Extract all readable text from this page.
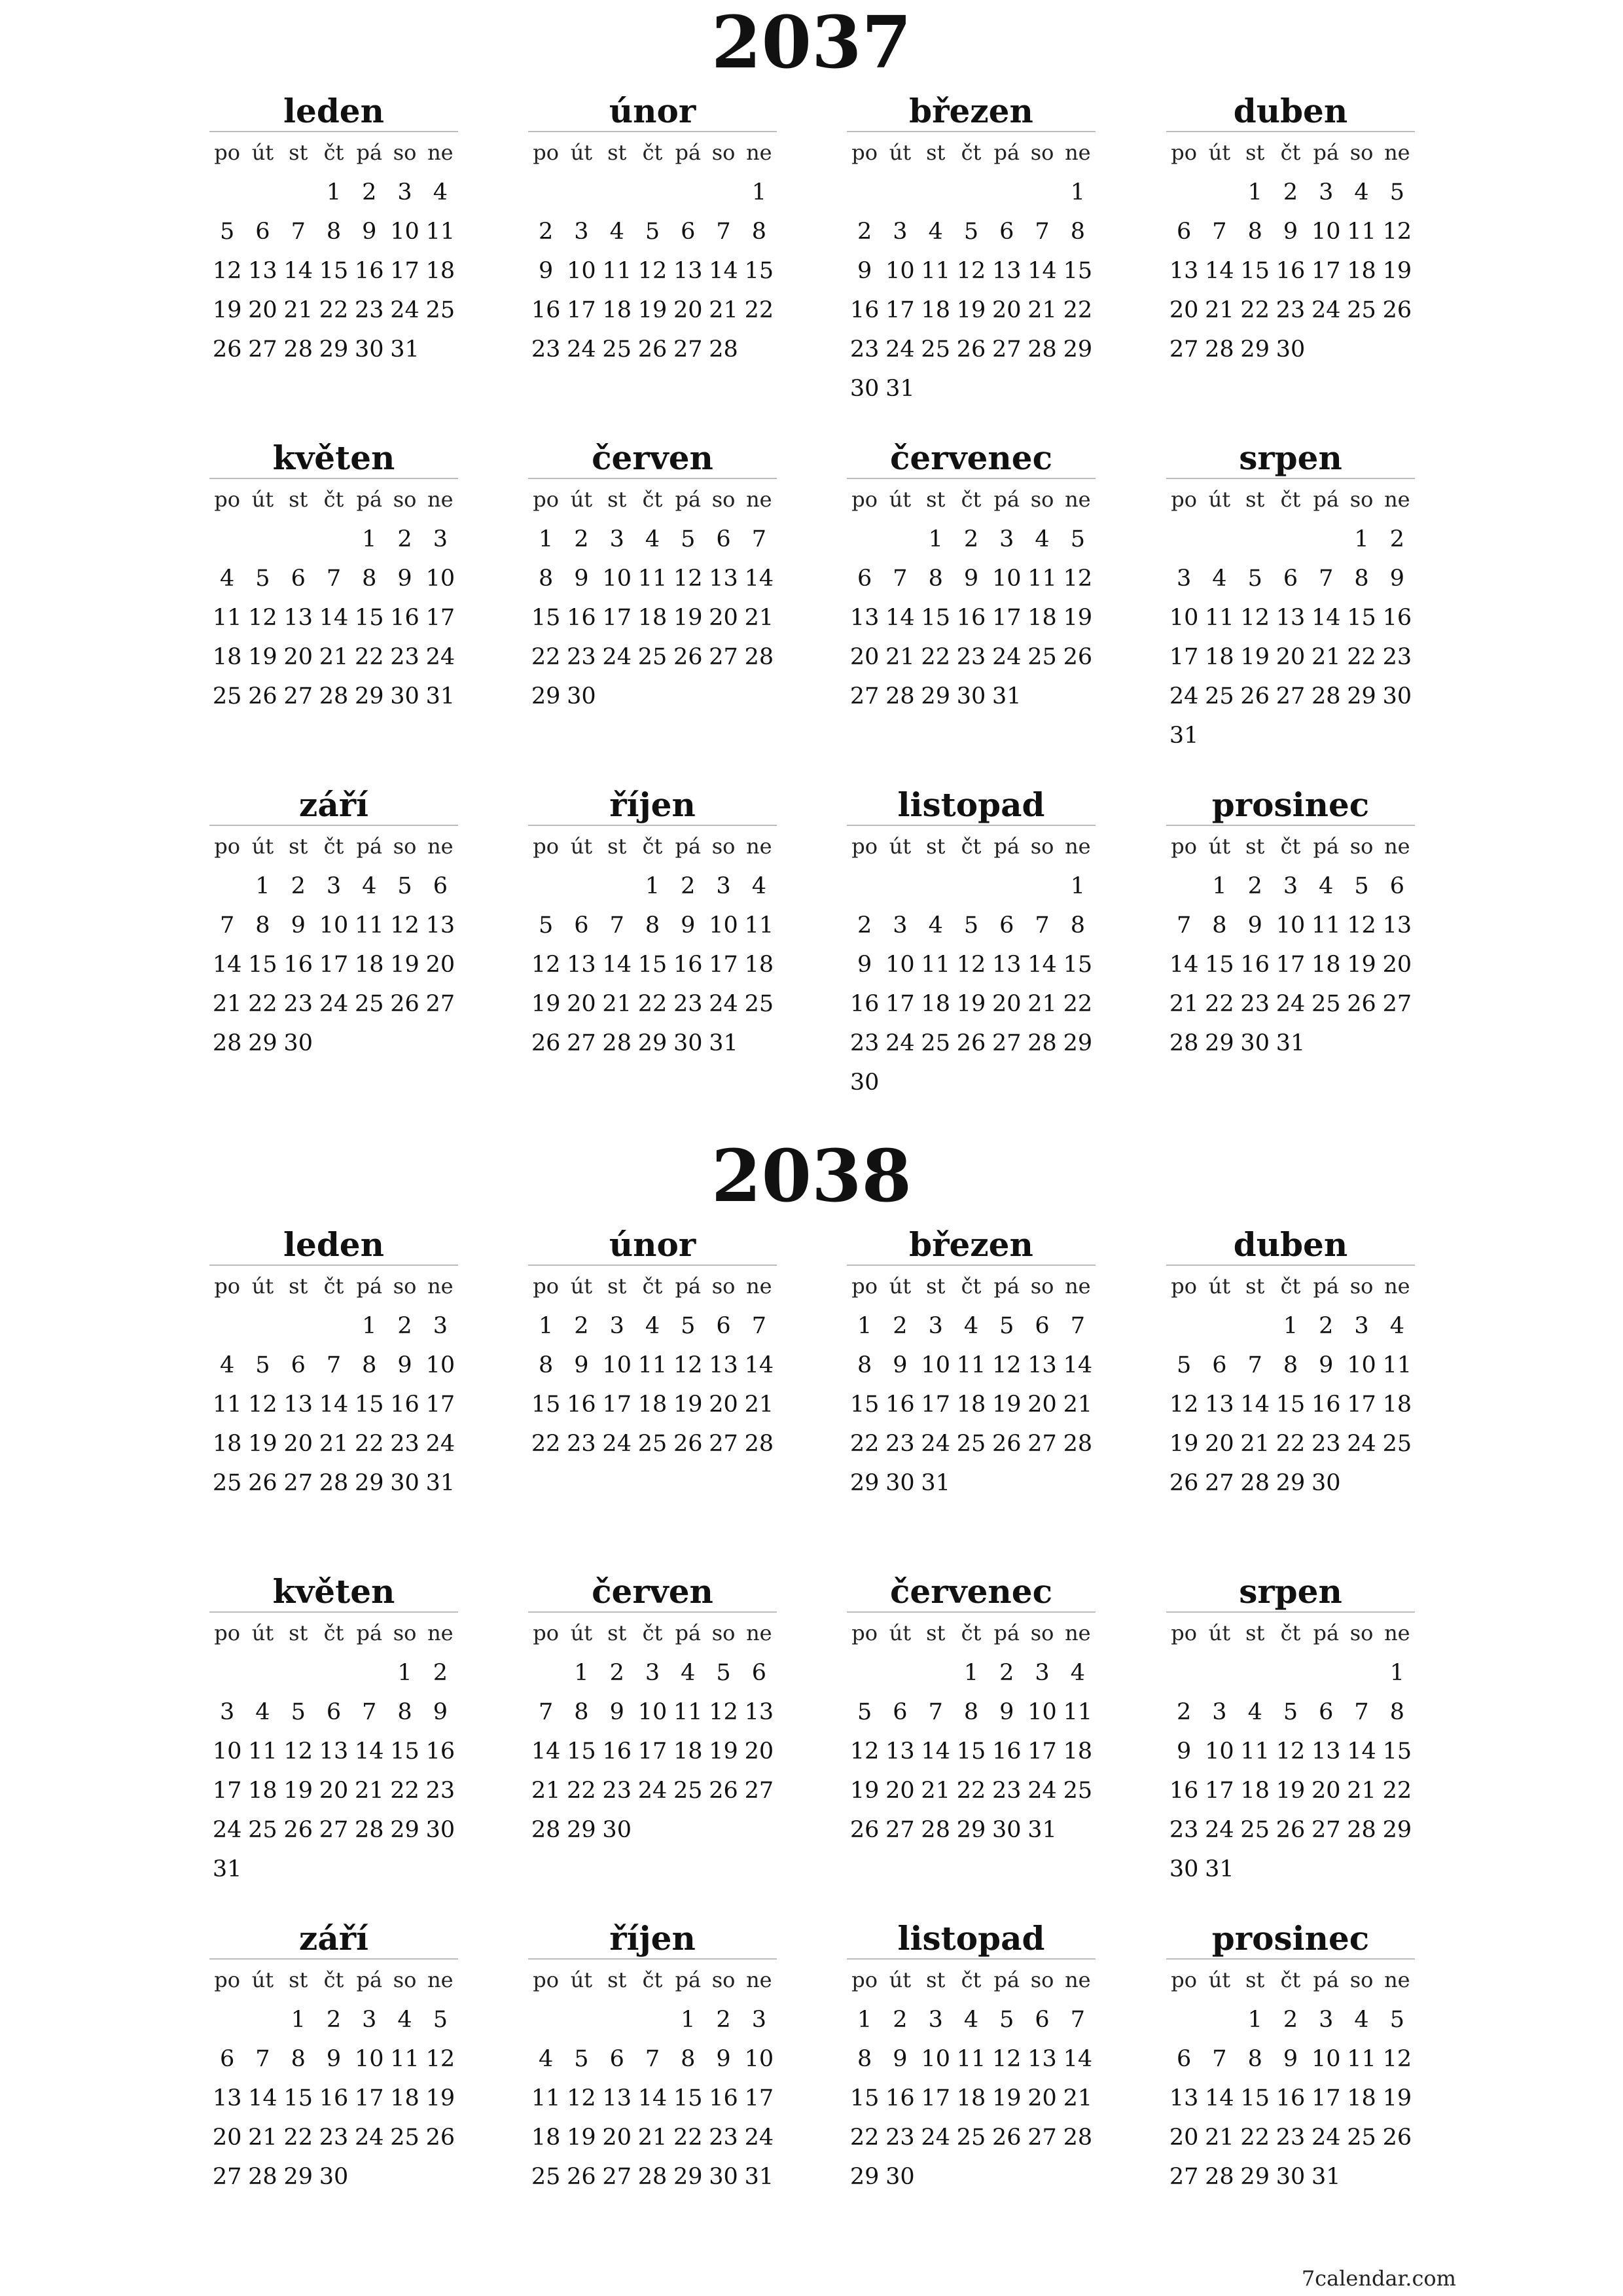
2037
leden
po	út	st	čt	pá	so	ne
			1	2	3	4
5	6	7	8	9	10	11
12	13	14	15	16	17	18
19	20	21	22	23	24	25
26	27	28	29	30	31	
únor
po	út	st	čt	pá	so	ne
						1
2	3	4	5	6	7	8
9	10	11	12	13	14	15
16	17	18	19	20	21	22
23	24	25	26	27	28	
březen
po	út	st	čt	pá	so	ne
						1
2	3	4	5	6	7	8
9	10	11	12	13	14	15
16	17	18	19	20	21	22
23	24	25	26	27	28	29
30	31					
duben
po	út	st	čt	pá	so	ne
		1	2	3	4	5
6	7	8	9	10	11	12
13	14	15	16	17	18	19
20	21	22	23	24	25	26
27	28	29	30			
květen
po	út	st	čt	pá	so	ne
				1	2	3
4	5	6	7	8	9	10
11	12	13	14	15	16	17
18	19	20	21	22	23	24
25	26	27	28	29	30	31
červen
po	út	st	čt	pá	so	ne
1	2	3	4	5	6	7
8	9	10	11	12	13	14
15	16	17	18	19	20	21
22	23	24	25	26	27	28
29	30					
červenec
po	út	st	čt	pá	so	ne
		1	2	3	4	5
6	7	8	9	10	11	12
13	14	15	16	17	18	19
20	21	22	23	24	25	26
27	28	29	30	31		
srpen
po	út	st	čt	pá	so	ne
					1	2
3	4	5	6	7	8	9
10	11	12	13	14	15	16
17	18	19	20	21	22	23
24	25	26	27	28	29	30
31						
září
po	út	st	čt	pá	so	ne
	1	2	3	4	5	6
7	8	9	10	11	12	13
14	15	16	17	18	19	20
21	22	23	24	25	26	27
28	29	30				
říjen
po	út	st	čt	pá	so	ne
			1	2	3	4
5	6	7	8	9	10	11
12	13	14	15	16	17	18
19	20	21	22	23	24	25
26	27	28	29	30	31	
listopad
po	út	st	čt	pá	so	ne
						1
2	3	4	5	6	7	8
9	10	11	12	13	14	15
16	17	18	19	20	21	22
23	24	25	26	27	28	29
30						
prosinec
po	út	st	čt	pá	so	ne
	1	2	3	4	5	6
7	8	9	10	11	12	13
14	15	16	17	18	19	20
21	22	23	24	25	26	27
28	29	30	31			
2038
leden
po	út	st	čt	pá	so	ne
				1	2	3
4	5	6	7	8	9	10
11	12	13	14	15	16	17
18	19	20	21	22	23	24
25	26	27	28	29	30	31
únor
po	út	st	čt	pá	so	ne
1	2	3	4	5	6	7
8	9	10	11	12	13	14
15	16	17	18	19	20	21
22	23	24	25	26	27	28
březen
po	út	st	čt	pá	so	ne
1	2	3	4	5	6	7
8	9	10	11	12	13	14
15	16	17	18	19	20	21
22	23	24	25	26	27	28
29	30	31				
duben
po	út	st	čt	pá	so	ne
			1	2	3	4
5	6	7	8	9	10	11
12	13	14	15	16	17	18
19	20	21	22	23	24	25
26	27	28	29	30		
květen
po	út	st	čt	pá	so	ne
					1	2
3	4	5	6	7	8	9
10	11	12	13	14	15	16
17	18	19	20	21	22	23
24	25	26	27	28	29	30
31						
červen
po	út	st	čt	pá	so	ne
	1	2	3	4	5	6
7	8	9	10	11	12	13
14	15	16	17	18	19	20
21	22	23	24	25	26	27
28	29	30				
červenec
po	út	st	čt	pá	so	ne
			1	2	3	4
5	6	7	8	9	10	11
12	13	14	15	16	17	18
19	20	21	22	23	24	25
26	27	28	29	30	31	
srpen
po	út	st	čt	pá	so	ne
						1
2	3	4	5	6	7	8
9	10	11	12	13	14	15
16	17	18	19	20	21	22
23	24	25	26	27	28	29
30	31					
září
po	út	st	čt	pá	so	ne
		1	2	3	4	5
6	7	8	9	10	11	12
13	14	15	16	17	18	19
20	21	22	23	24	25	26
27	28	29	30			
říjen
po	út	st	čt	pá	so	ne
				1	2	3
4	5	6	7	8	9	10
11	12	13	14	15	16	17
18	19	20	21	22	23	24
25	26	27	28	29	30	31
listopad
po	út	st	čt	pá	so	ne
1	2	3	4	5	6	7
8	9	10	11	12	13	14
15	16	17	18	19	20	21
22	23	24	25	26	27	28
29	30					
prosinec
po	út	st	čt	pá	so	ne
		1	2	3	4	5
6	7	8	9	10	11	12
13	14	15	16	17	18	19
20	21	22	23	24	25	26
27	28	29	30	31		
7calendar.com
